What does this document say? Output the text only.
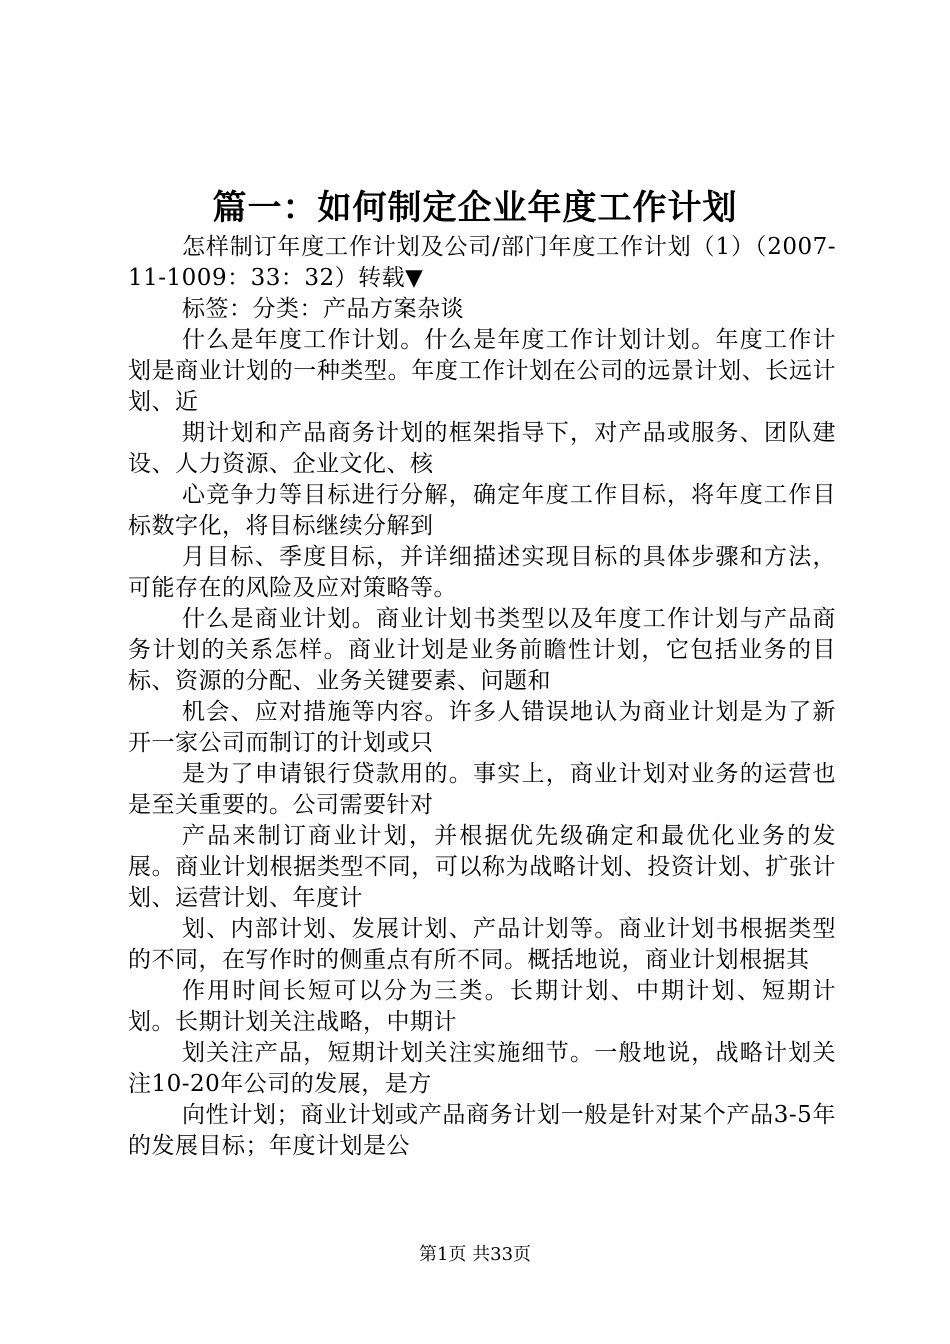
篇一：如何制定企业年度工作计划

怎样制订年度工作计划及公司/部门年度工作计划（1）（2007-11-1009：33：32）转载▼

标签：分类：产品方案杂谈

什么是年度工作计划。什么是年度工作计划计划。年度工作计划是商业计划的一种类型。年度工作计划在公司的远景计划、长远计划、近

期计划和产品商务计划的框架指导下，对产品或服务、团队建设、人力资源、企业文化、核

心竞争力等目标进行分解，确定年度工作目标，将年度工作目标数字化，将目标继续分解到

月目标、季度目标，并详细描述实现目标的具体步骤和方法，可能存在的风险及应对策略等。

什么是商业计划。商业计划书类型以及年度工作计划与产品商务计划的关系怎样。商业计划是业务前瞻性计划，它包括业务的目标、资源的分配、业务关键要素、问题和

机会、应对措施等内容。许多人错误地认为商业计划是为了新开一家公司而制订的计划或只

是为了申请银行贷款用的。事实上，商业计划对业务的运营也是至关重要的。公司需要针对

产品来制订商业计划，并根据优先级确定和最优化业务的发展。商业计划根据类型不同，可以称为战略计划、投资计划、扩张计划、运营计划、年度计

划、内部计划、发展计划、产品计划等。商业计划书根据类型的不同，在写作时的侧重点有所不同。概括地说，商业计划根据其

作用时间长短可以分为三类。长期计划、中期计划、短期计划。长期计划关注战略，中期计

划关注产品，短期计划关注实施细节。一般地说，战略计划关注10-20年公司的发展，是方

向性计划；商业计划或产品商务计划一般是针对某个产品3-5年的发展目标；年度计划是公

第1页 共33页
